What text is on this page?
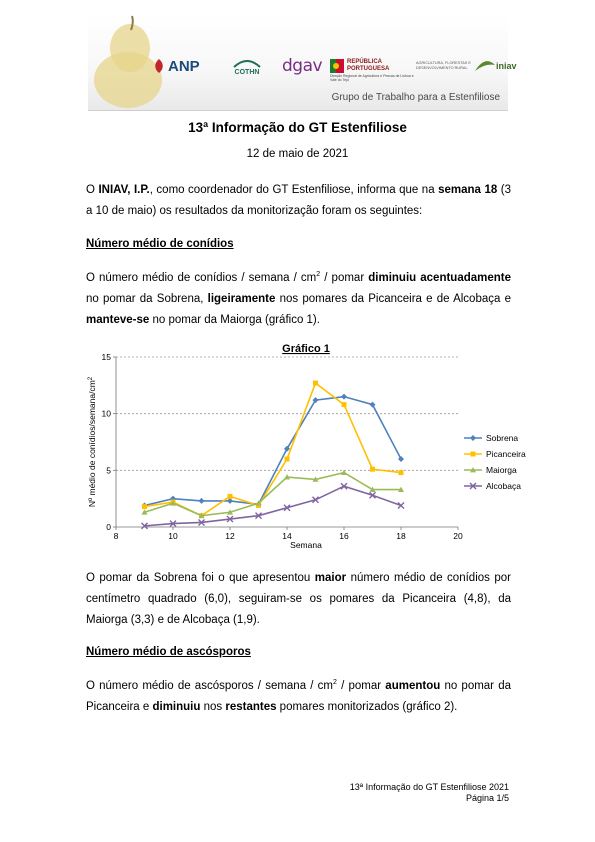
ANP	COTHN dgav	REPÚBLICA
PORTUGUESA
Direção Regional de Agricultura e Pescas de Lisboa e Vale do Tejo
AGRICULTURA, FLORESTAS E DESENVOLVIMENTO RURAL	iniav
Grupo de Trabalho para a Estenfiliose
13ª Informação do GT Estenfiliose
12 de maio de 2021

O INIAV, I.P., como coordenador do GT Estenfiliose, informa que na semana 18 (3 a 10 de maio) os resultados da monitorização foram os seguintes:

Número médio de conídios

O número médio de conídios / semana / $cm^2$ / pomar diminuiu acentuadamente no pomar da Sobrena, ligeiramente nos pomares da Picanceira e de Alcobaça e manteve-se no pomar da Maiorga (gráfico 1).

0
5
10
15
8	10	12	14	16	18	20
Sobrena
Picanceira
Maiorga
Alcobaça
Gráfico 1
Semana
Nº médio de conídios/$semana/cm^2$

O pomar da Sobrena foi o que apresentou maior número médio de conídios por centímetro quadrado (6,0), seguiram-se os pomares da Picanceira (4,8), da Maiorga (3,3) e de Alcobaça (1,9).

Número médio de ascósporos

O número médio de ascósporos / semana / $cm^2$ / pomar aumentou no pomar da Picanceira e diminuiu nos restantes pomares monitorizados (gráfico 2).

13ª Informação do GT Estenfiliose 2021
Página 1/5
